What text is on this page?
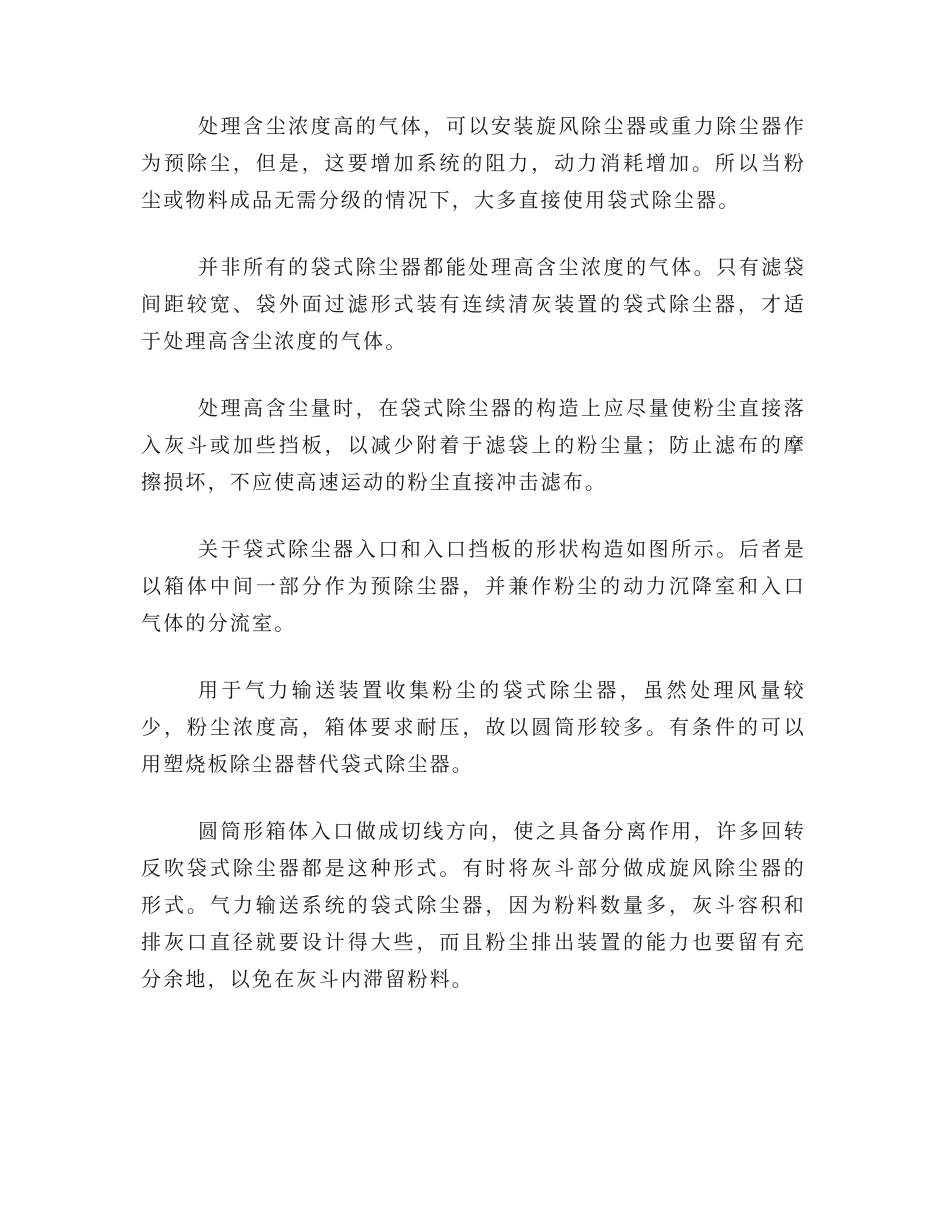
处理含尘浓度高的气体，可以安装旋风除尘器或重力除尘器作为预除尘，但是，这要增加系统的阻力，动力消耗增加。所以当粉尘或物料成品无需分级的情况下，大多直接使用袋式除尘器。

并非所有的袋式除尘器都能处理高含尘浓度的气体。只有滤袋间距较宽、袋外面过滤形式装有连续清灰装置的袋式除尘器，才适于处理高含尘浓度的气体。

处理高含尘量时，在袋式除尘器的构造上应尽量使粉尘直接落入灰斗或加些挡板，以减少附着于滤袋上的粉尘量；防止滤布的摩擦损坏，不应使高速运动的粉尘直接冲击滤布。

关于袋式除尘器入口和入口挡板的形状构造如图所示。后者是以箱体中间一部分作为预除尘器，并兼作粉尘的动力沉降室和入口气体的分流室。

用于气力输送装置收集粉尘的袋式除尘器，虽然处理风量较少，粉尘浓度高，箱体要求耐压，故以圆筒形较多。有条件的可以用塑烧板除尘器替代袋式除尘器。

圆筒形箱体入口做成切线方向，使之具备分离作用，许多回转反吹袋式除尘器都是这种形式。有时将灰斗部分做成旋风除尘器的形式。气力输送系统的袋式除尘器，因为粉料数量多，灰斗容积和排灰口直径就要设计得大些，而且粉尘排出装置的能力也要留有充分余地，以免在灰斗内滞留粉料。
